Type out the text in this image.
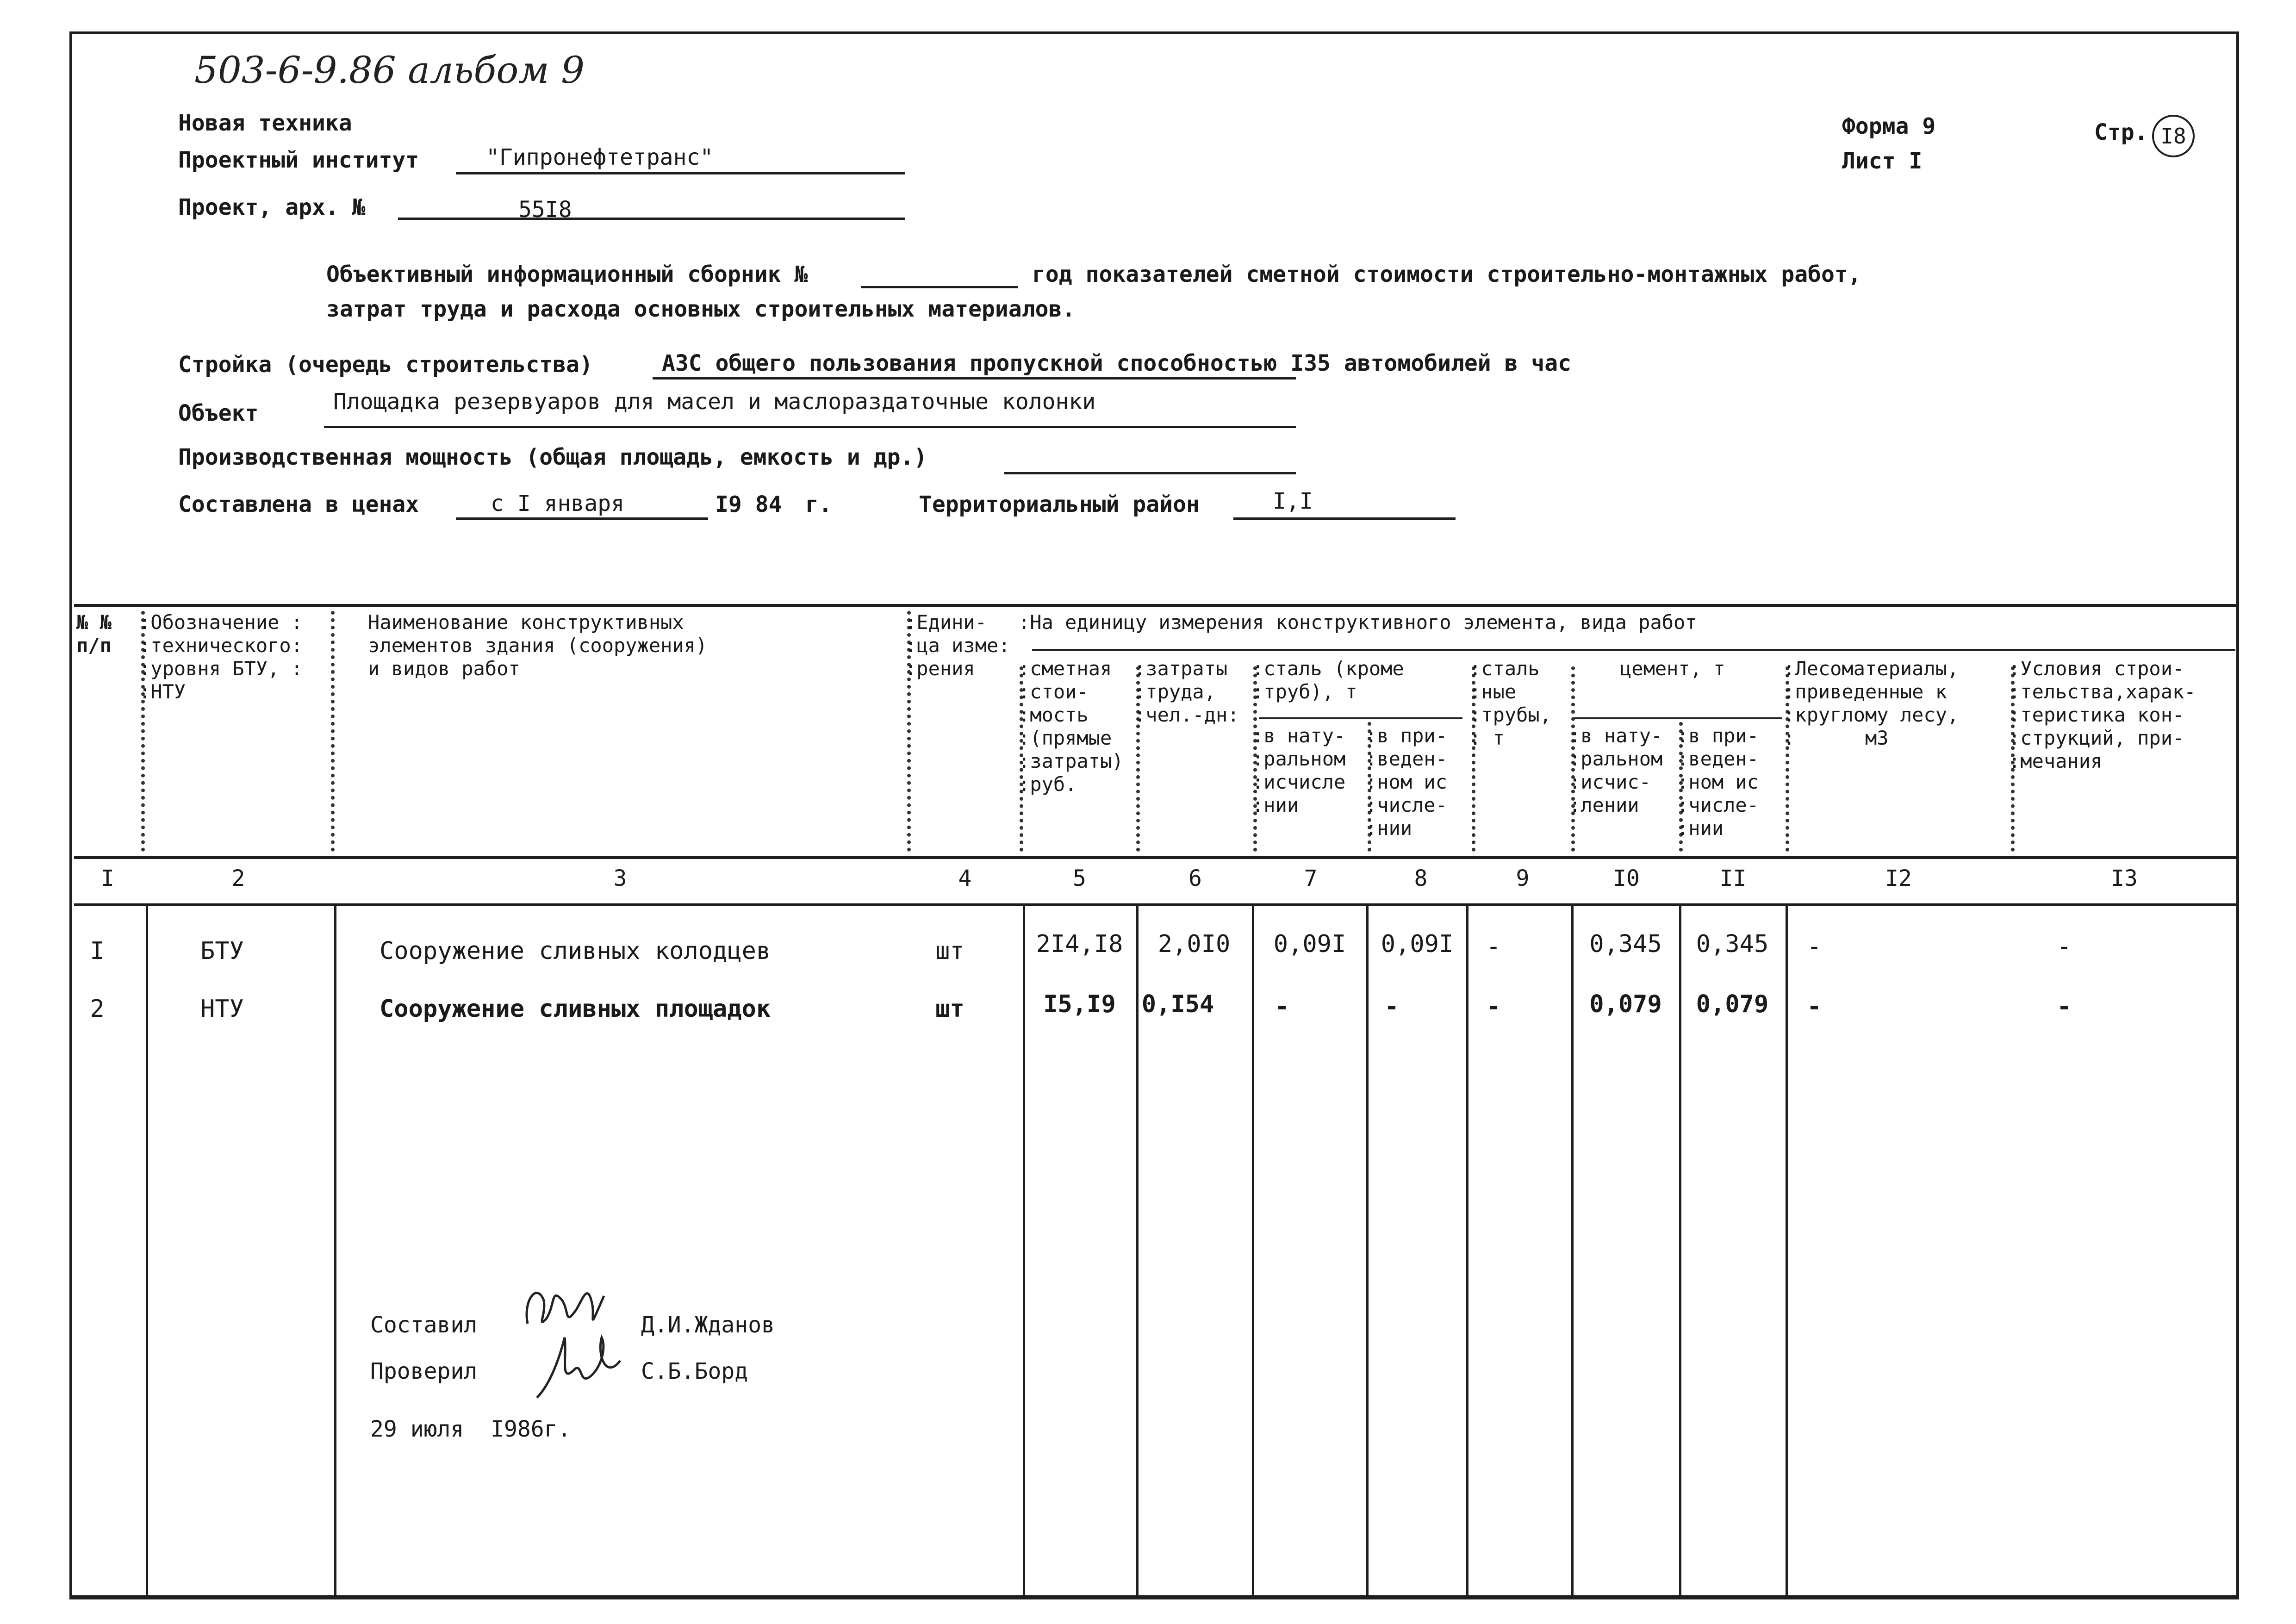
503-6-9.86 альбом 9
Новая техника
Проектный институт	"Гипронефтетранс"
Проект, арх. №	55I8
Форма 9
Лист I
Стр. I8
Объективный информационный сборник №	год показателей сметной стоимости строительно-монтажных работ,
затрат труда и расхода основных строительных материалов.
Стройка (очередь строительства)	АЗС общего пользования пропускной способностью I35 автомобилей в час
Объект	Площадка резервуаров для масел и маслораздаточные колонки
Производственная мощность (общая площадь, емкость и др.)
Составлена в ценах	с I января	I9 84 г.	Территориальный район	I,I
№ №
п/п
:Обозначение :
:технического:
:уровня БТУ, :
:НТУ
Наименование конструктивных
элементов здания (сооружения)
и видов работ
:Едини-
:ца изме:
:рения
:На единицу измерения конструктивного элемента, вида работ
:сметная
:стои-
:мость
:(прямые
:затраты)
:руб.
:затраты
:труда,
:чел.-дн:
:сталь (кроме
:труб), т
:в нату-
:ральном
:исчисле
:нии
:в при-
:веден-
:ном ис
:числе-
:нии
:сталь
:ные
:трубы,
: т
цемент, т
:в нату-
:ральном
:исчис-
:лении
:в при-
:веден-
:ном ис
:числе-
:нии
:Лесоматериалы,
:приведенные к
:круглому лесу,
:      м3
:Условия строи-
:тельства,харак-
:теристика кон-
:струкций, при-
:мечания
I	2	3	4	5	6	7	8	9	I0	II	I2	I3
I	БТУ	Сооружение сливных колодцев	шт	2I4,I8	2,0I0	0,09I	0,09I	-	0,345	0,345	-	-
2	НТУ	Сооружение сливных площадок	шт	I5,I9	0,I54	-	-	-	0,079	0,079	-	-
Составил	Д.И.Жданов
Проверил	С.Б.Борд
29 июля  I986г.
